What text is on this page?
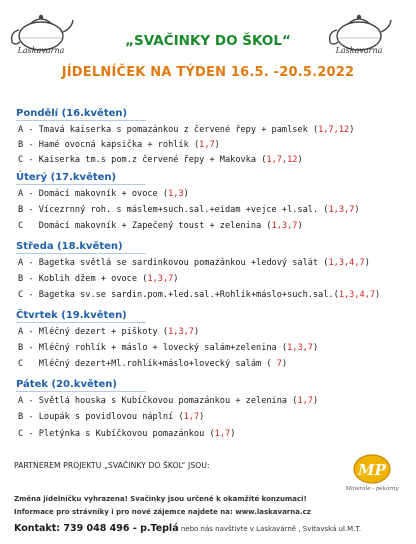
Laskavarna	Laskavarna
„SVAČINKY DO ŠKOL“
JÍDELNÍČEK NA TÝDEN 16.5. -20.5.2022
Pondělí (16.květen)
A - Tmavá kaiserka s pomazánkou z červené řepy + pamlsek (1,7,12)
B - Hamé ovocná kapsička + rohlík (1,7)
C - Kaiserka tm.s pom.z červené řepy + Makovka (1,7,12)
Úterý (17.květen)
A - Domácí makovník + ovoce (1,3)
B - Vícezrnný roh. s máslem+such.sal.+eidam +vejce +l.sal. (1,3,7)
C Domácí makovník + Zapečený toust + zelenina (1,3,7)
Středa (18.květen)
A - Bagetka světlá se sardinkovou pomazánkou +ledový salát (1,3,4,7)
B - Koblih džem + ovoce (1,3,7)
C - Bagetka sv.se sardin.pom.+led.sal.+Rohlík+máslo+such.sal.(1,3,4,7)
Čtvrtek (19.květen)
A - Mléčný dezert + piškoty (1,3,7)
B - Mléčný rohlík + máslo + lovecký salám+zelenina (1,3,7)
C Mléčný dezert+Ml.rohlík+máslo+lovecký salám ( 7)
Pátek (20.květen)
A - Světlá houska s Kubíčkovou pomazánkou + zelenina (1,7)
B - Loupák s povidlovou náplní (1,7)
C - Pletýnka s Kubíčkovou pomazánkou (1,7)
PARTNEREM PROJEKTU „SVAČINKY DO ŠKOL“ JSOU:	MP
Minerale - pekárny
Změna jídelníčku vyhrazena! Svačinky jsou určené k okamžité konzumaci!
Informace pro strávníky i pro nové zájemce najdete na: www.laskavarna.cz
Kontakt: 739 048 496 - p.Teplá nebo nás navštivte v Laskavárně , Svitavská ul.M.T.
